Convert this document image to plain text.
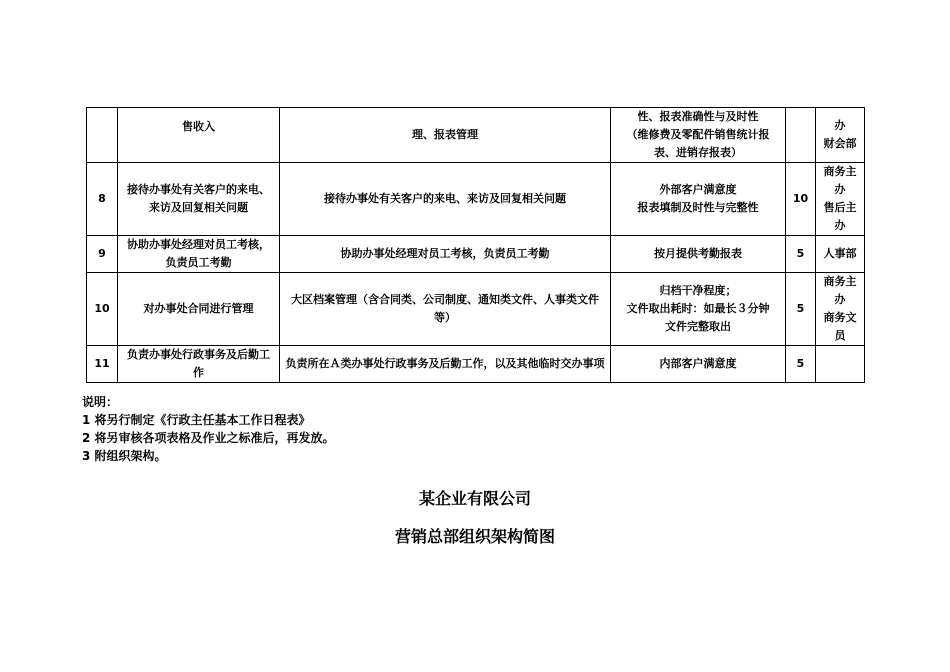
	售收入	理、报表管理	性、报表准确性与及时性
（维修费及零配件销售统计报
表、进销存报表）		办
财会部

8	接待办事处有关客户的来电、来访及回复相关问题	接待办事处有关客户的来电、来访及回复相关问题	外部客户满意度
报表填制及时性与完整性	10	商务主
办
售后主
办

9	协助办事处经理对员工考核，负责员工考勤	协助办事处经理对员工考核，负责员工考勤	按月提供考勤报表	5	人事部

10	对办事处合同进行管理	大区档案管理（含合同类、公司制度、通知类文件、人事类文件等）	归档干净程度；
文件取出耗时：如最长３分钟
文件完整取出	5	商务主
办
商务文
员

11	负责办事处行政事务及后勤工作	负责所在Ａ类办事处行政事务及后勤工作，以及其他临时交办事项	内部客户满意度	5	
说明：
1 将另行制定《行政主任基本工作日程表》
2 将另审核各项表格及作业之标准后，再发放。
3 附组织架构。
某企业有限公司
营销总部组织架构简图
